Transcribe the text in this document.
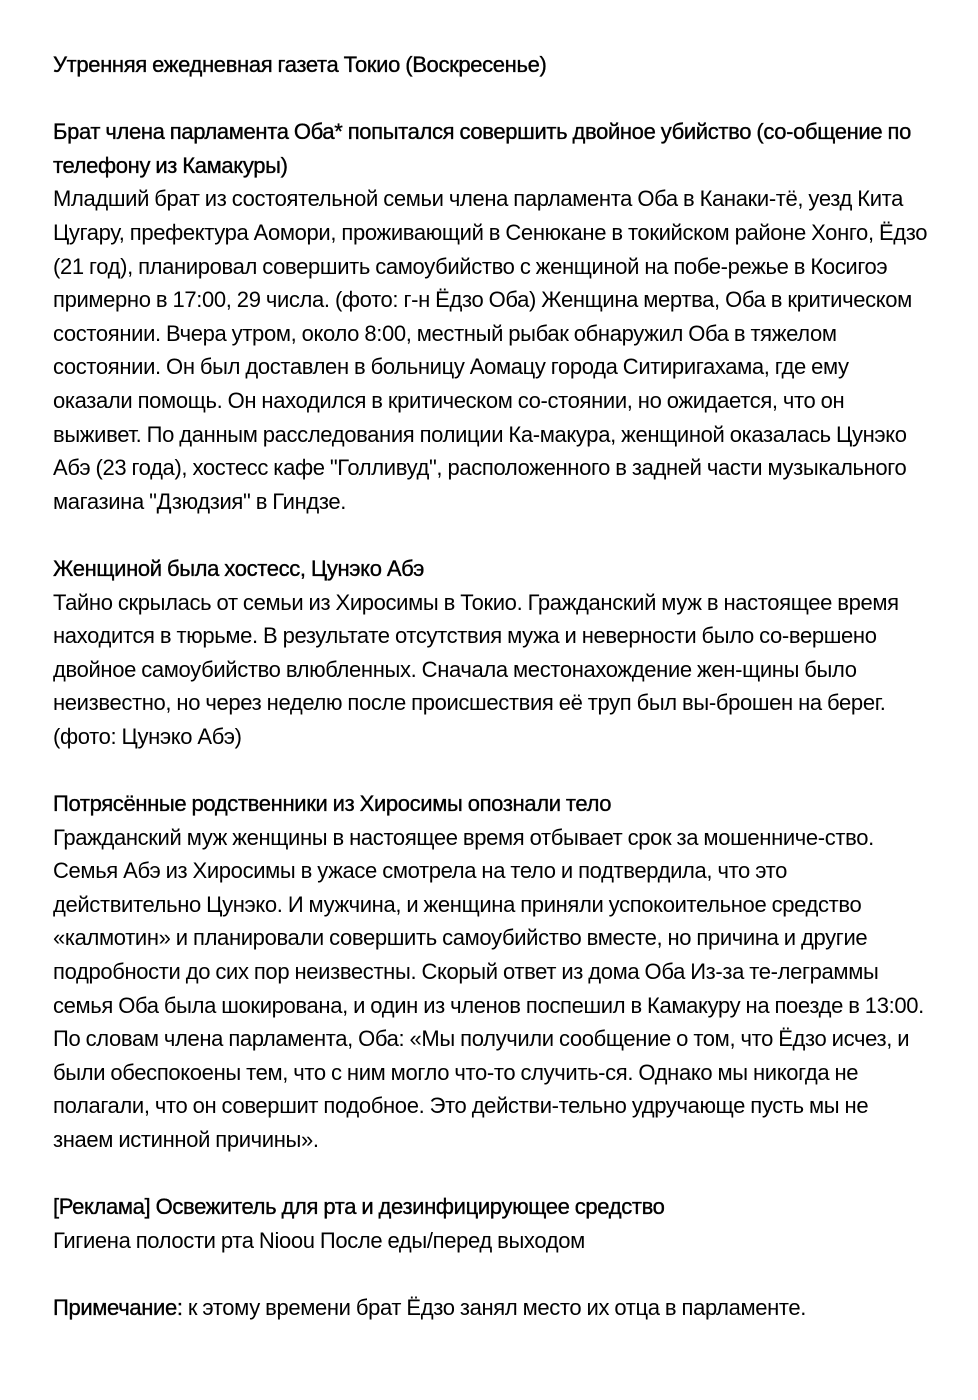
Утренняя ежедневная газета Токио (Воскресенье)

Брат члена парламента Оба* попытался совершить двойное убийство (со-общение по телефону из Камакуры)

Младший брат из состоятельной семьи члена парламента Оба в Канаки-тё, уезд Кита Цугару, префектура Аомори, проживающий в Сенюкане в токийском районе Хонго, Ёдзо (21 год), планировал совершить самоубийство с женщиной на побе-режье в Косигоэ примерно в 17:00, 29 числа. (фото: г-н Ёдзо Оба) Женщина мертва, Оба в критическом состоянии. Вчера утром, около 8:00, местный рыбак обнаружил Оба в тяжелом состоянии. Он был доставлен в больницу Аомацу города Ситиригахама, где ему оказали помощь. Он находился в критическом со-стоянии, но ожидается, что он выживет. По данным расследования полиции Ка-макура, женщиной оказалась Цунэко Абэ (23 года), хостесс кафе "Голливуд", расположенного в задней части музыкального магазина "Дзюдзия" в Гиндзе.

Женщиной была хостесс, Цунэко Абэ

Тайно скрылась от семьи из Хиросимы в Токио. Гражданский муж в настоящее время находится в тюрьме. В результате отсутствия мужа и неверности было со-вершено двойное самоубийство влюбленных. Сначала местонахождение жен-щины было неизвестно, но через неделю после происшествия её труп был вы-брошен на берег. (фото: Цунэко Абэ)

Потрясённые родственники из Хиросимы опознали тело

Гражданский муж женщины в настоящее время отбывает срок за мошенниче-ство. Семья Абэ из Хиросимы в ужасе смотрела на тело и подтвердила, что это действительно Цунэко. И мужчина, и женщина приняли успокоительное средство «калмотин» и планировали совершить самоубийство вместе, но причина и другие подробности до сих пор неизвестны. Скорый ответ из дома Оба Из-за те-леграммы семья Оба была шокирована, и один из членов поспешил в Камакуру на поезде в 13:00. По словам члена парламента, Оба: «Мы получили сообщение о том, что Ёдзо исчез, и были обеспокоены тем, что с ним могло что-то случить-ся. Однако мы никогда не полагали, что он совершит подобное. Это действи-тельно удручающе пусть мы не знаем истинной причины».

[Реклама] Освежитель для рта и дезинфицирующее средство

Гигиена полости рта Nioou После еды/перед выходом

Примечание: к этому времени брат Ёдзо занял место их отца в парламенте.
